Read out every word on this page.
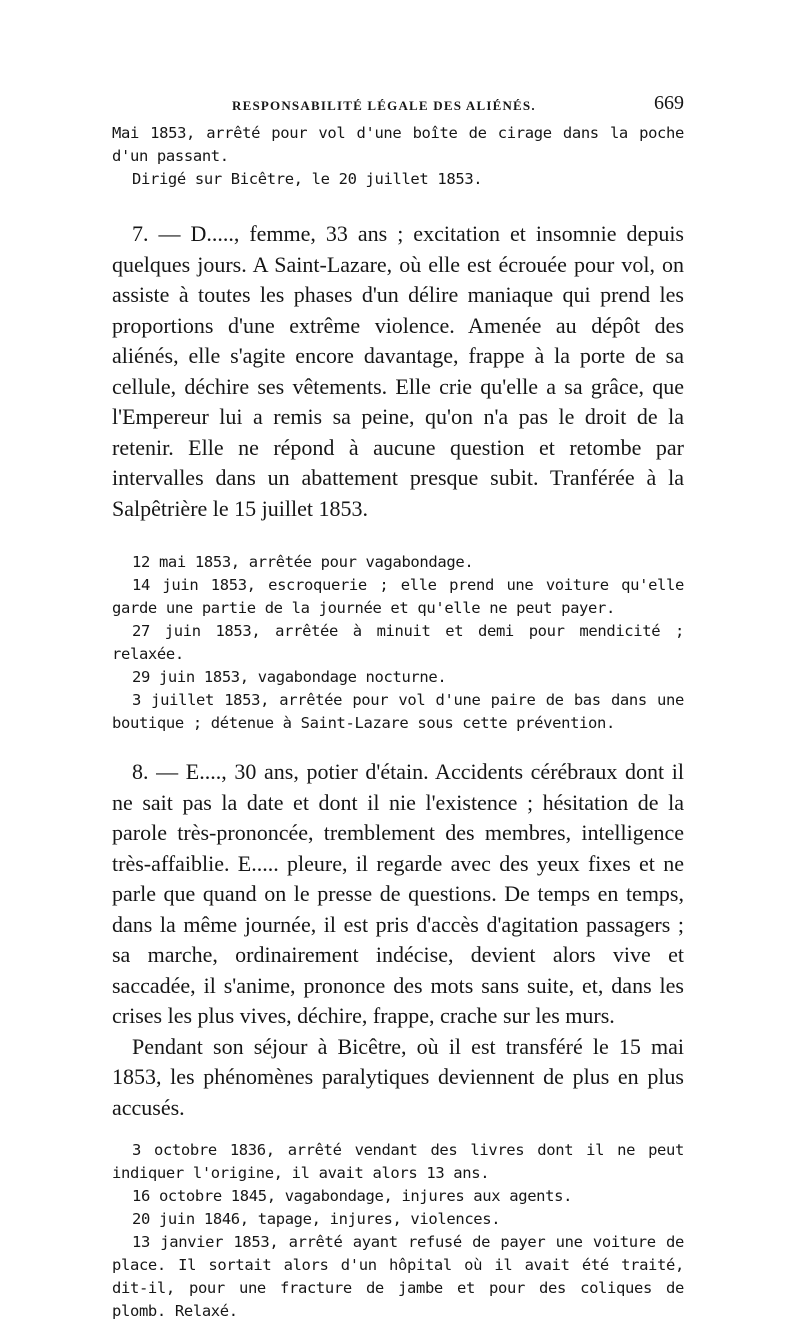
RESPONSABILITÉ LÉGALE DES ALIÉNÉS.	669

Mai 1853, arrêté pour vol d'une boîte de cirage dans la poche d'un passant.

Dirigé sur Bicêtre, le 20 juillet 1853.

7. — D....., femme, 33 ans ; excitation et insomnie depuis quelques jours. A Saint-Lazare, où elle est écrouée pour vol, on assiste à toutes les phases d'un délire maniaque qui prend les proportions d'une extrême violence. Amenée au dépôt des aliénés, elle s'agite encore davantage, frappe à la porte de sa cellule, déchire ses vêtements. Elle crie qu'elle a sa grâce, que l'Empereur lui a remis sa peine, qu'on n'a pas le droit de la retenir. Elle ne répond à aucune question et retombe par intervalles dans un abattement presque subit. Tranférée à la Salpêtrière le 15 juillet 1853.

12 mai 1853, arrêtée pour vagabondage.

14 juin 1853, escroquerie ; elle prend une voiture qu'elle garde une partie de la journée et qu'elle ne peut payer.

27 juin 1853, arrêtée à minuit et demi pour mendicité ; relaxée.

29 juin 1853, vagabondage nocturne.

3 juillet 1853, arrêtée pour vol d'une paire de bas dans une boutique ; détenue à Saint-Lazare sous cette prévention.

8. — E...., 30 ans, potier d'étain. Accidents cérébraux dont il ne sait pas la date et dont il nie l'existence ; hésitation de la parole très-prononcée, tremblement des membres, intelligence très-affaiblie. E..... pleure, il regarde avec des yeux fixes et ne parle que quand on le presse de questions. De temps en temps, dans la même journée, il est pris d'accès d'agitation passagers ; sa marche, ordinairement indécise, devient alors vive et saccadée, il s'anime, prononce des mots sans suite, et, dans les crises les plus vives, déchire, frappe, crache sur les murs.

Pendant son séjour à Bicêtre, où il est transféré le 15 mai 1853, les phénomènes paralytiques deviennent de plus en plus accusés.

3 octobre 1836, arrêté vendant des livres dont il ne peut indiquer l'origine, il avait alors 13 ans.

16 octobre 1845, vagabondage, injures aux agents.

20 juin 1846, tapage, injures, violences.

13 janvier 1853, arrêté ayant refusé de payer une voiture de place. Il sortait alors d'un hôpital où il avait été traité, dit-il, pour une fracture de jambe et pour des coliques de plomb. Relaxé.
